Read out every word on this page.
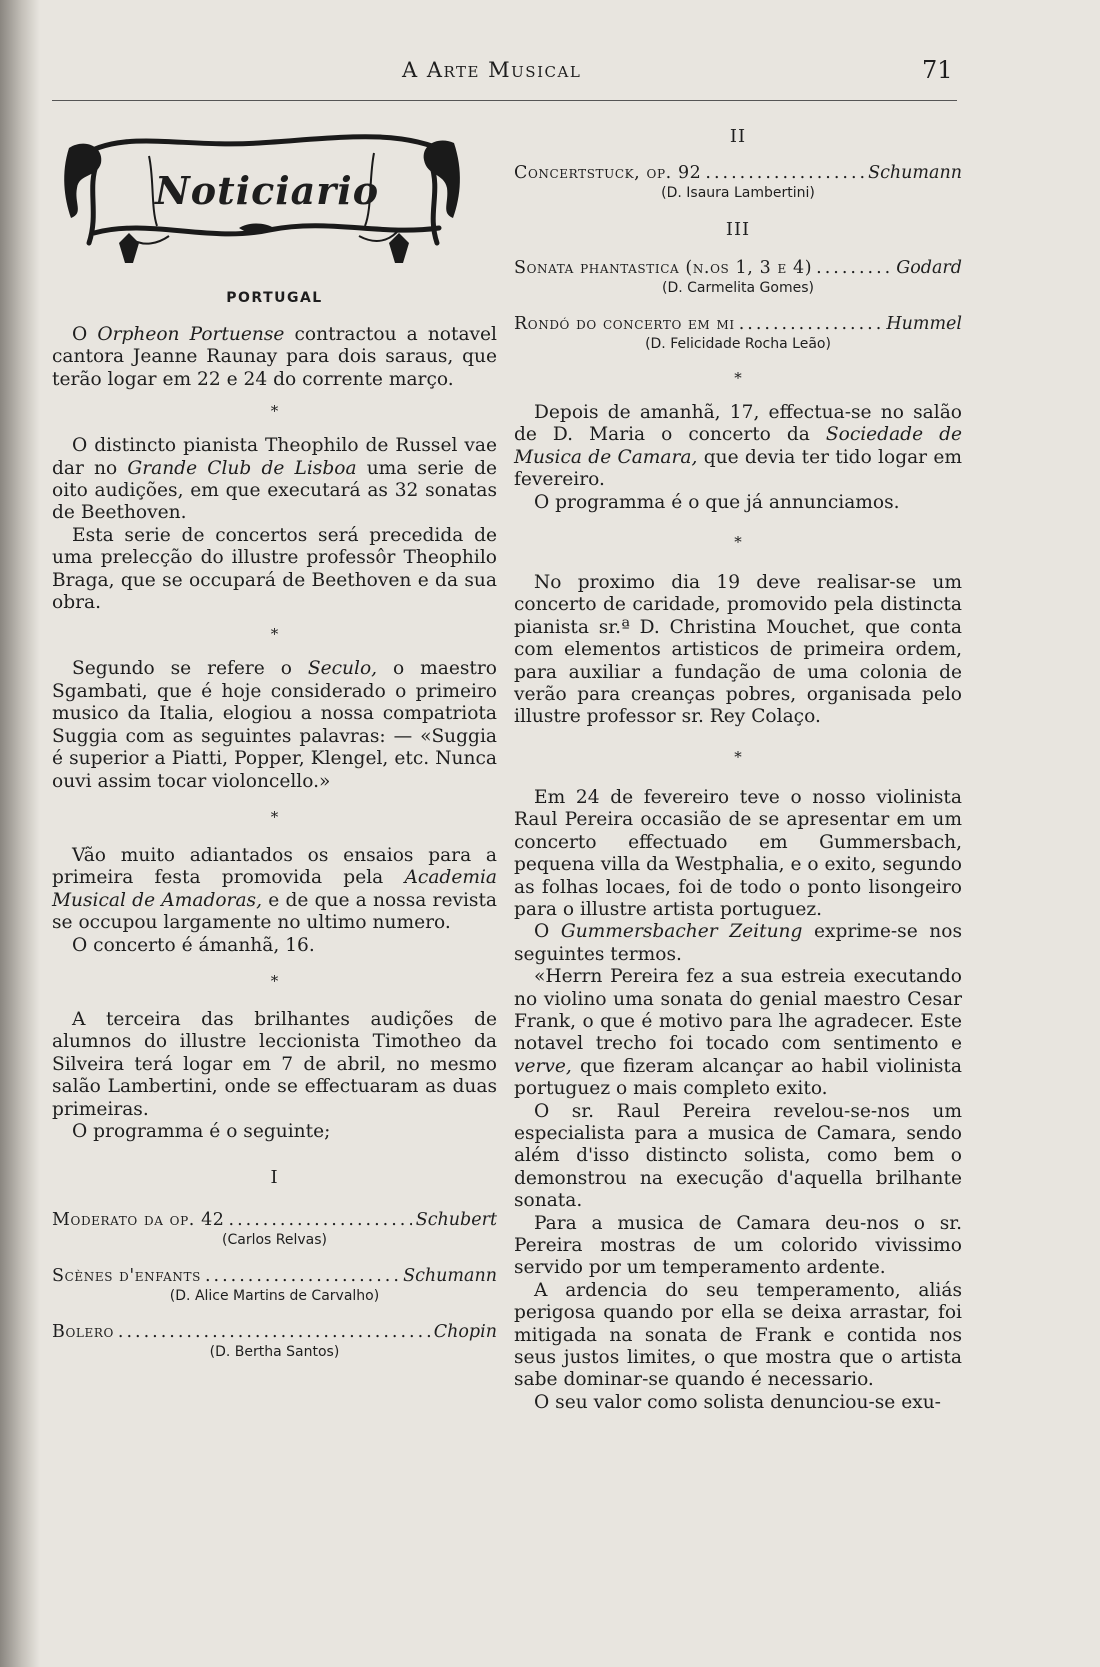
A Arte Musical	71
Noticiario
PORTUGAL

O Orpheon Portuense contractou a notavel cantora Jeanne Raunay para dois saraus, que terão logar em 22 e 24 do corrente março.

*

O distincto pianista Theophilo de Russel vae dar no Grande Club de Lisboa uma serie de oito audições, em que executará as 32 sonatas de Beethoven.

Esta serie de concertos será precedida de uma prelecção do illustre professôr Theophilo Braga, que se occupará de Beethoven e da sua obra.

*

Segundo se refere o Seculo, o maestro Sgambati, que é hoje considerado o primeiro musico da Italia, elogiou a nossa compatriota Suggia com as seguintes palavras: — «Suggia é superior a Piatti, Popper, Klengel, etc. Nunca ouvi assim tocar violoncello.»

*

Vão muito adiantados os ensaios para a primeira festa promovida pela Academia Musical de Amadoras, e de que a nossa revista se occupou largamente no ultimo numero.

O concerto é ámanhã, 16.

*

A terceira das brilhantes audições de alumnos do illustre leccionista Timotheo da Silveira terá logar em 7 de abril, no mesmo salão Lambertini, onde se effectuaram as duas primeiras.

O programma é o seguinte;

I
Moderato da op. 42 .....	Schubert
(Carlos Relvas)
Scènes d'enfants .....	Schumann
(D. Alice Martins de Carvalho)
Bolero .....	Chopin
(D. Bertha Santos)
II
Concertstuck, op. 92 .....	Schumann
(D. Isaura Lambertini)
III
Sonata phantastica (n.os 1, 3 e 4) .....	Godard
(D. Carmelita Gomes)
Rondó do concerto em mi .....	Hummel
(D. Felicidade Rocha Leão)
*

Depois de amanhã, 17, effectua-se no salão de D. Maria o concerto da Sociedade de Musica de Camara, que devia ter tido logar em fevereiro.

O programma é o que já annunciamos.

*

No proximo dia 19 deve realisar-se um concerto de caridade, promovido pela distincta pianista sr.ª D. Christina Mouchet, que conta com elementos artisticos de primeira ordem, para auxiliar a fundação de uma colonia de verão para creanças pobres, organisada pelo illustre professor sr. Rey Colaço.

*

Em 24 de fevereiro teve o nosso violinista Raul Pereira occasião de se apresentar em um concerto effectuado em Gummersbach, pequena villa da Westphalia, e o exito, segundo as folhas locaes, foi de todo o ponto lisongeiro para o illustre artista portuguez.

O Gummersbacher Zeitung exprime-se nos seguintes termos.

«Herrn Pereira fez a sua estreia executando no violino uma sonata do genial maestro Cesar Frank, o que é motivo para lhe agradecer. Este notavel trecho foi tocado com sentimento e verve, que fizeram alcançar ao habil violinista portuguez o mais completo exito.

O sr. Raul Pereira revelou-se-nos um especialista para a musica de Camara, sendo além d'isso distincto solista, como bem o demonstrou na execução d'aquella brilhante sonata.

Para a musica de Camara deu-nos o sr. Pereira mostras de um colorido vivissimo servido por um temperamento ardente.

A ardencia do seu temperamento, aliás perigosa quando por ella se deixa arrastar, foi mitigada na sonata de Frank e contida nos seus justos limites, o que mostra que o artista sabe dominar-se quando é necessario.

O seu valor como solista denunciou-se exu-
